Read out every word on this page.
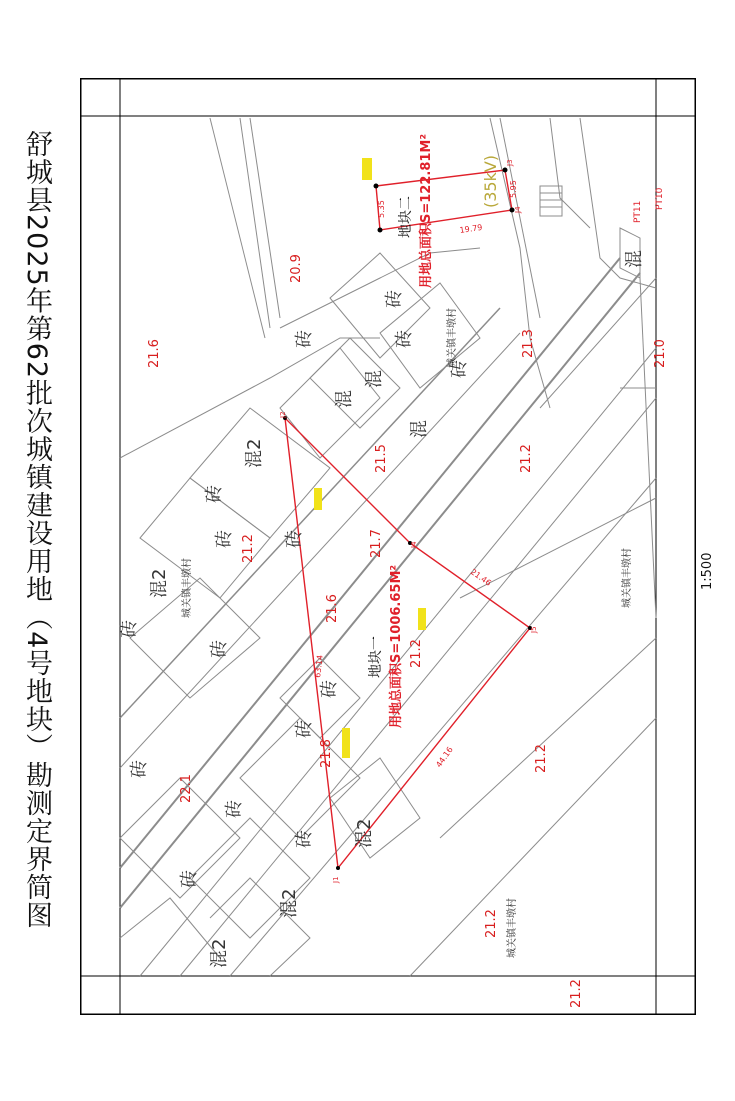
舒城县2025年第62批次城镇建设用地（4号地块）勘测定界简图	1:500
砖
砖
砖
砖
砖
砖	砖
砖
砖
砖
砖
砖
砖
砖
砖
混
混
混
混
混2
混2
混2
混2
混2
城关镇丰墩村
城关镇丰墩村
城关镇丰墩村
城关镇丰墩村
地块一 用地总面积S=1006.65M²
地块二 用地总面积S=122.81M²	(35kV)
J1
J2
J4
J5
J3
J4
44.16
63.14
21.46
19.79
5.95
5.35
20.9
21.6
21.5	21.2
21.7
21.6
21.2
21.3
21.2
21.0
21.8	21.2
22.1
21.2
21.2
PT11
PT10
